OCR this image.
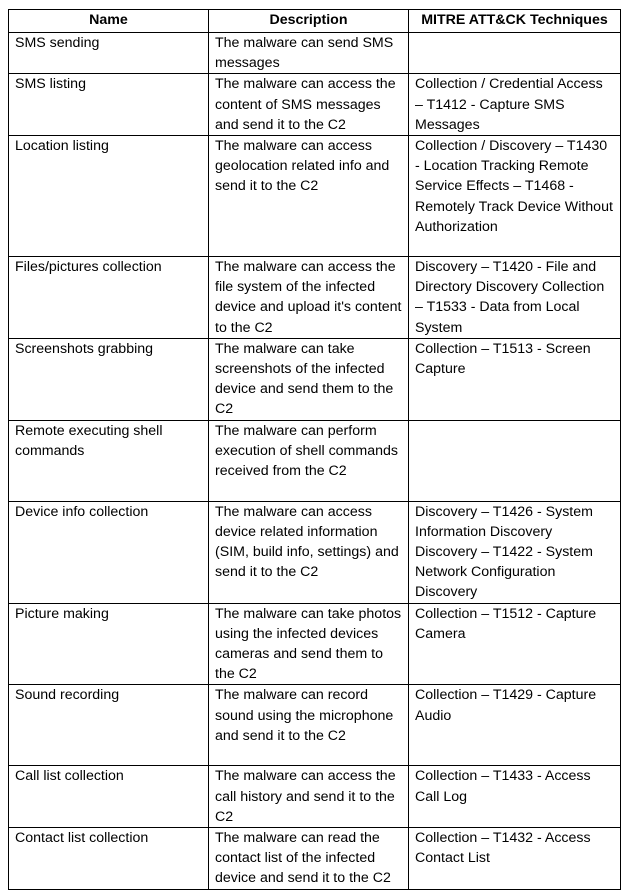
Name	Description	MITRE ATT&CK Techniques
SMS sending	The malware can send SMS messages	
SMS listing	The malware can access the content of SMS messages and send it to the C2	Collection / Credential Access – T1412 - Capture SMS Messages
Location listing	The malware can access geolocation related info and send it to the C2	Collection / Discovery – T1430 - Location Tracking Remote Service Effects – T1468 - Remotely Track Device Without Authorization
Files/pictures collection	The malware can access the file system of the infected device and upload it's content to the C2	Discovery – T1420 - File and Directory Discovery Collection – T1533 - Data from Local System
Screenshots grabbing	The malware can take screenshots of the infected device and send them to the C2	Collection – T1513 - Screen Capture
Remote executing shell commands	The malware can perform execution of shell commands received from the C2	
Device info collection	The malware can access device related information (SIM, build info, settings) and send it to the C2	Discovery – T1426 - System Information Discovery Discovery – T1422 - System Network Configuration Discovery
Picture making	The malware can take photos using the infected devices cameras and send them to the C2	Collection – T1512 - Capture Camera
Sound recording	The malware can record sound using the microphone and send it to the C2	Collection – T1429 - Capture Audio
Call list collection	The malware can access the call history and send it to the C2	Collection – T1433 - Access Call Log
Contact list collection	The malware can read the contact list of the infected device and send it to the C2	Collection – T1432 - Access Contact List
